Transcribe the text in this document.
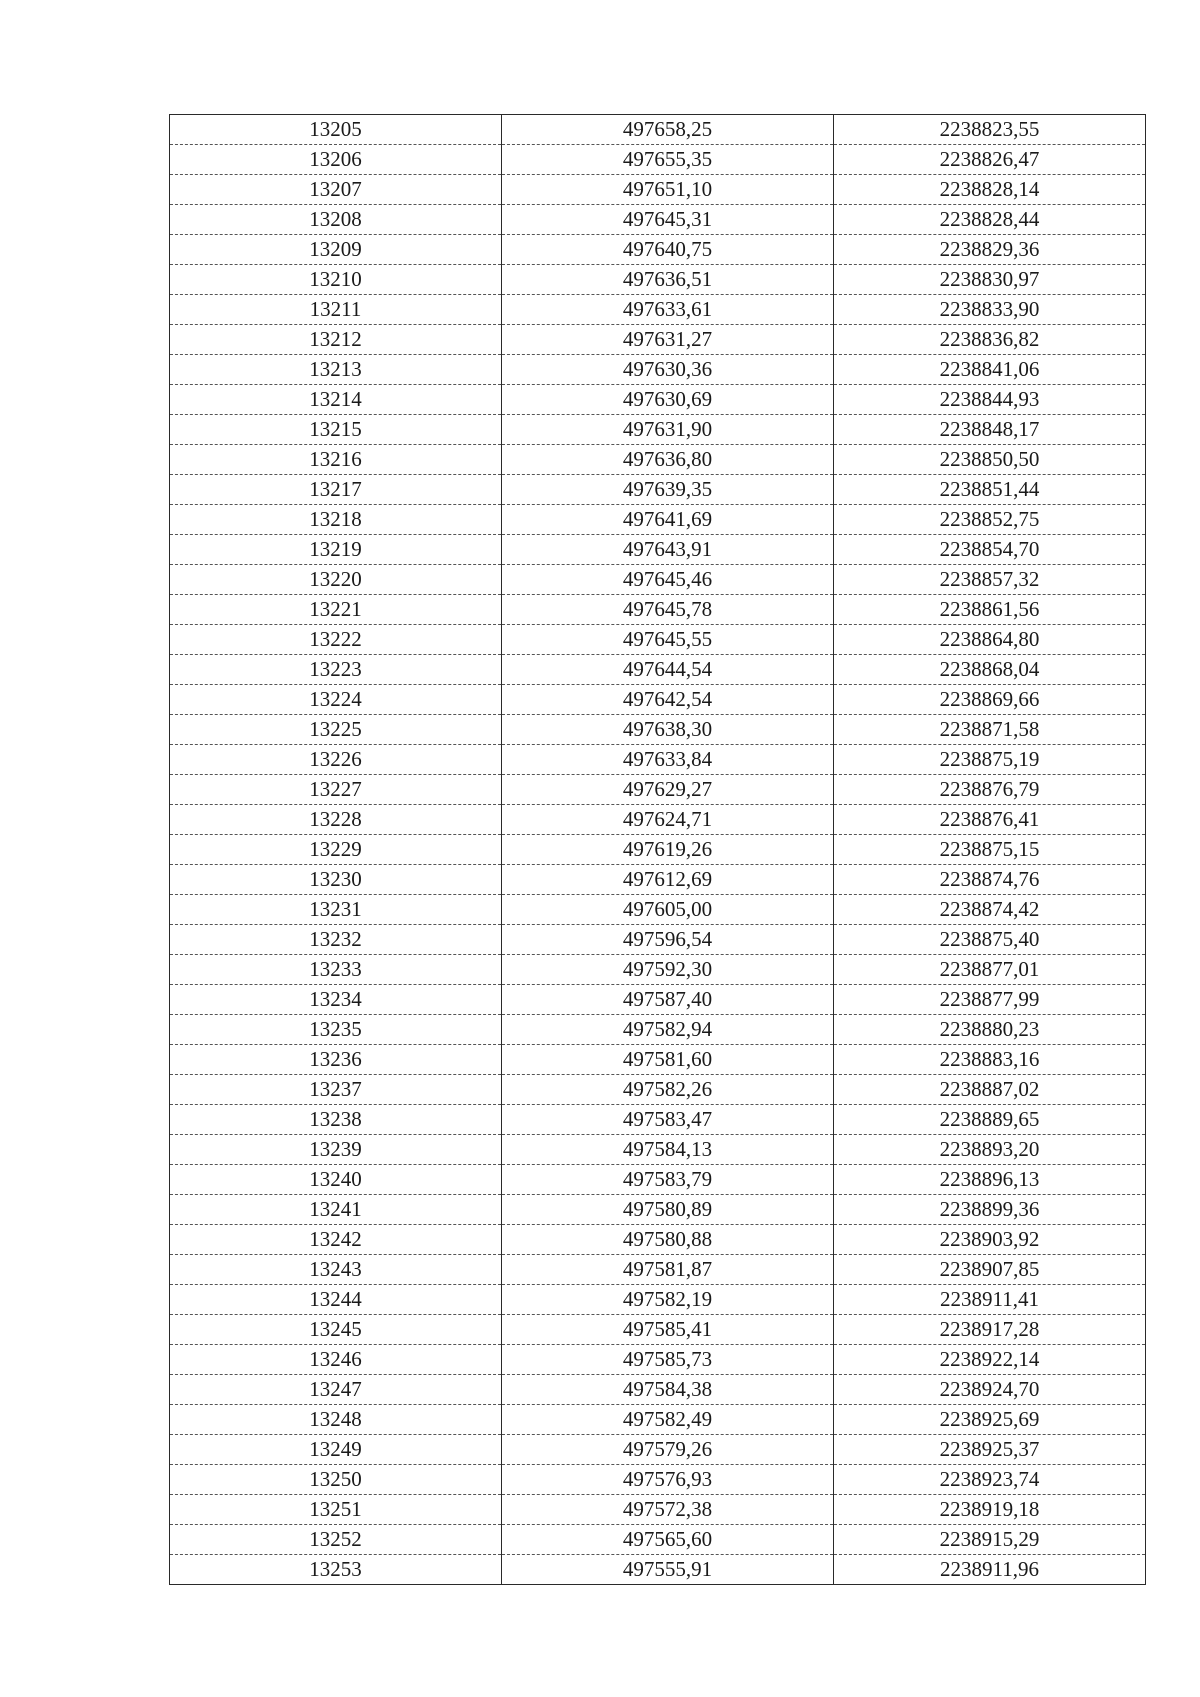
13205	497658,25	2238823,55
13206	497655,35	2238826,47
13207	497651,10	2238828,14
13208	497645,31	2238828,44
13209	497640,75	2238829,36
13210	497636,51	2238830,97
13211	497633,61	2238833,90
13212	497631,27	2238836,82
13213	497630,36	2238841,06
13214	497630,69	2238844,93
13215	497631,90	2238848,17
13216	497636,80	2238850,50
13217	497639,35	2238851,44
13218	497641,69	2238852,75
13219	497643,91	2238854,70
13220	497645,46	2238857,32
13221	497645,78	2238861,56
13222	497645,55	2238864,80
13223	497644,54	2238868,04
13224	497642,54	2238869,66
13225	497638,30	2238871,58
13226	497633,84	2238875,19
13227	497629,27	2238876,79
13228	497624,71	2238876,41
13229	497619,26	2238875,15
13230	497612,69	2238874,76
13231	497605,00	2238874,42
13232	497596,54	2238875,40
13233	497592,30	2238877,01
13234	497587,40	2238877,99
13235	497582,94	2238880,23
13236	497581,60	2238883,16
13237	497582,26	2238887,02
13238	497583,47	2238889,65
13239	497584,13	2238893,20
13240	497583,79	2238896,13
13241	497580,89	2238899,36
13242	497580,88	2238903,92
13243	497581,87	2238907,85
13244	497582,19	2238911,41
13245	497585,41	2238917,28
13246	497585,73	2238922,14
13247	497584,38	2238924,70
13248	497582,49	2238925,69
13249	497579,26	2238925,37
13250	497576,93	2238923,74
13251	497572,38	2238919,18
13252	497565,60	2238915,29
13253	497555,91	2238911,96
